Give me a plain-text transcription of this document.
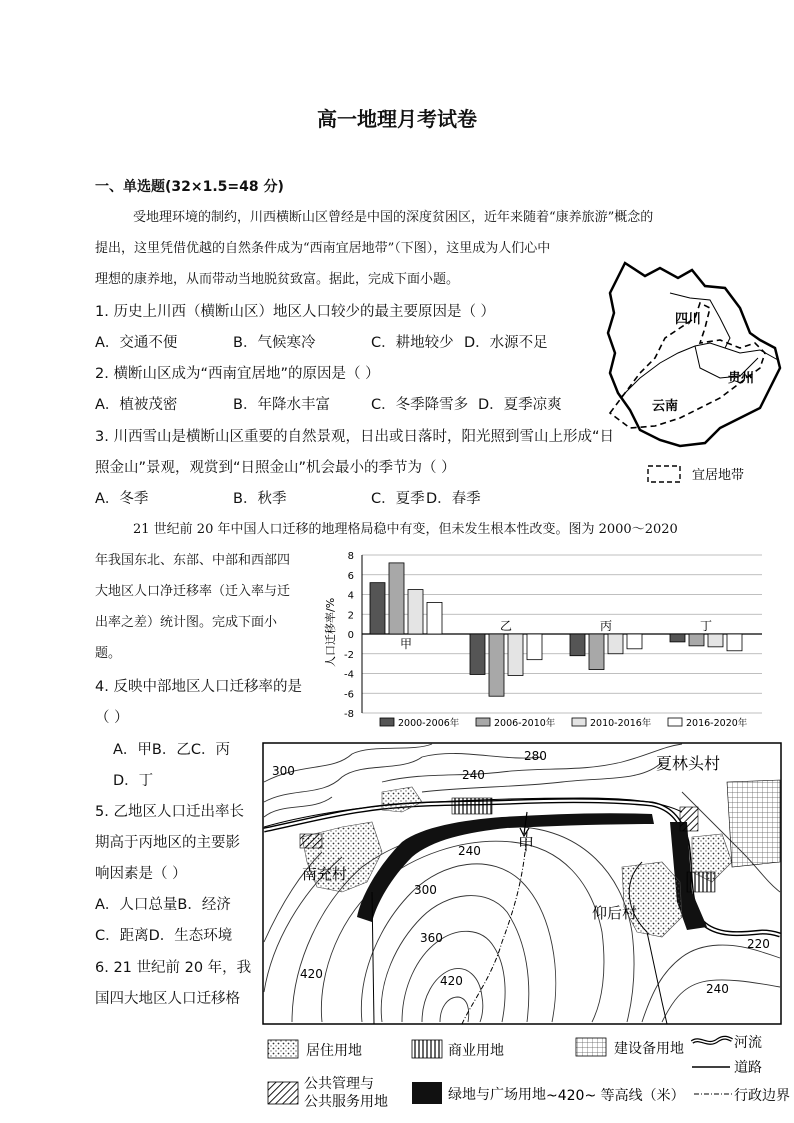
高一地理月考试卷
一、单选题(32×1.5=48 分)
受地理环境的制约，川西横断山区曾经是中国的深度贫困区，近年来随着“康养旅游”概念的
提出，这里凭借优越的自然条件成为“西南宜居地带”（下图），这里成为人们心中
理想的康养地，从而带动当地脱贫致富。据此，完成下面小题。
1. 历史上川西（横断山区）地区人口较少的最主要原因是（ ）
A．交通不便	B．气候寒冷	C．耕地较少 D．水源不足
2. 横断山区成为“西南宜居地”的原因是（ ）
A．植被茂密	B．年降水丰富	C．冬季降雪多 D．夏季凉爽
3. 川西雪山是横断山区重要的自然景观，日出或日落时，阳光照到雪山上形成“日
照金山”景观，观赏到“日照金山”机会最小的季节为（ ）
A．冬季	B．秋季	C．夏季 D．春季
四川
贵州
云南
宜居地带
21 世纪前 20 年中国人口迁移的地理格局稳中有变，但未发生根本性改变。图为 2000～2020
年我国东北、东部、中部和西部四
大地区人口净迁移率（迁入率与迁
出率之差）统计图。完成下面小
题。	人口迁移率/%
8
6
4
2
0
-2
-4
-6
-8
甲
乙	丙	丁
2000-2006年	2006-2010年	2010-2016年	2016-2020年
4. 反映中部地区人口迁移率的是
（ ）
A．甲B．乙C．丙
D．丁
5. 乙地区人口迁出率长
期高于丙地区的主要影
响因素是（ ）
A．人口总量B．经济
C．距离D．生态环境
6. 21 世纪前 20 年，我
国四大地区人口迁移格
夏林头村
南充村
仰后村
甲
300	240
280
240
300
360
420
420
220
240
居住用地	商业用地	建设备用地	河流
道路
公共管理与
公共服务用地	绿地与广场用地 ~420~ 等高线（米）	行政边界
